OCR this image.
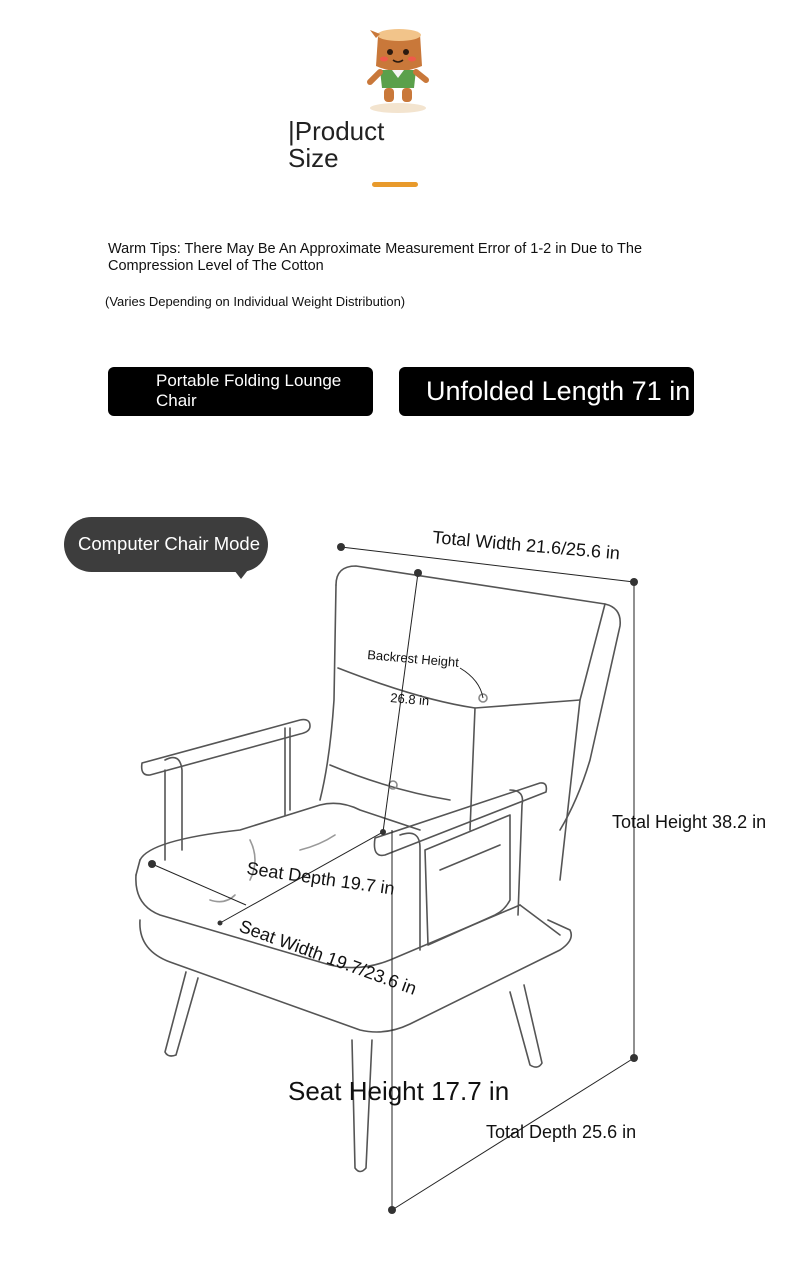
|Product
Size
Warm Tips: There May Be An Approximate Measurement Error of 1-2 in Due to The Compression Level of The Cotton
(Varies Depending on Individual Weight Distribution)
Portable Folding Lounge Chair	Unfolded Length 71 in
Total Width 21.6/25.6 in
Backrest Height
26.8 in
Total Height 38.2 in
Seat Depth 19.7 in
Seat Width 19.7/23.6 in
Seat Height 17.7 in
Total Depth 25.6 in
Computer Chair Mode
